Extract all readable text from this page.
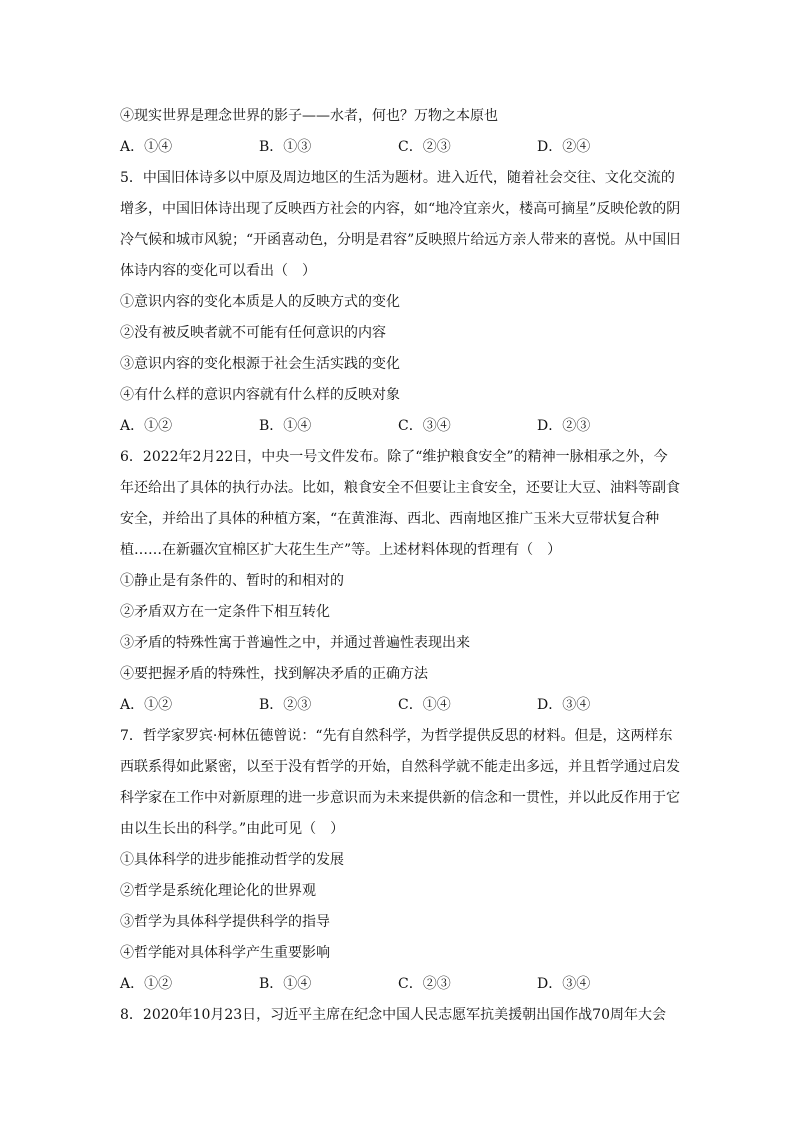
④现实世界是理念世界的影子——水者，何也？万物之本原也
A．①④	B．①③	C．②③	D．②④
5．中国旧体诗多以中原及周边地区的生活为题材。进入近代，随着社会交往、文化交流的
增多，中国旧体诗出现了反映西方社会的内容，如“地冷宜亲火，楼高可摘星”反映伦敦的阴
冷气候和城市风貌；“开函喜动色，分明是君容”反映照片给远方亲人带来的喜悦。从中国旧
体诗内容的变化可以看出（　）
①意识内容的变化本质是人的反映方式的变化
②没有被反映者就不可能有任何意识的内容
③意识内容的变化根源于社会生活实践的变化
④有什么样的意识内容就有什么样的反映对象
A．①②	B．①④	C．③④	D．②③
6．2022年2月22日，中央一号文件发布。除了“维护粮食安全”的精神一脉相承之外，今
年还给出了具体的执行办法。比如，粮食安全不但要让主食安全，还要让大豆、油料等副食
安全，并给出了具体的种植方案，“在黄淮海、西北、西南地区推广玉米大豆带状复合种
植……在新疆次宜棉区扩大花生生产”等。上述材料体现的哲理有（　）
①静止是有条件的、暂时的和相对的
②矛盾双方在一定条件下相互转化
③矛盾的特殊性寓于普遍性之中，并通过普遍性表现出来
④要把握矛盾的特殊性，找到解决矛盾的正确方法
A．①②	B．②③	C．①④	D．③④
7．哲学家罗宾·柯林伍德曾说：“先有自然科学，为哲学提供反思的材料。但是，这两样东
西联系得如此紧密，以至于没有哲学的开始，自然科学就不能走出多远，并且哲学通过启发
科学家在工作中对新原理的进一步意识而为未来提供新的信念和一贯性，并以此反作用于它
由以生长出的科学。”由此可见（　）
①具体科学的进步能推动哲学的发展
②哲学是系统化理论化的世界观
③哲学为具体科学提供科学的指导
④哲学能对具体科学产生重要影响
A．①②	B．①④	C．②③	D．③④
8．2020年10月23日，习近平主席在纪念中国人民志愿军抗美援朝出国作战70周年大会
